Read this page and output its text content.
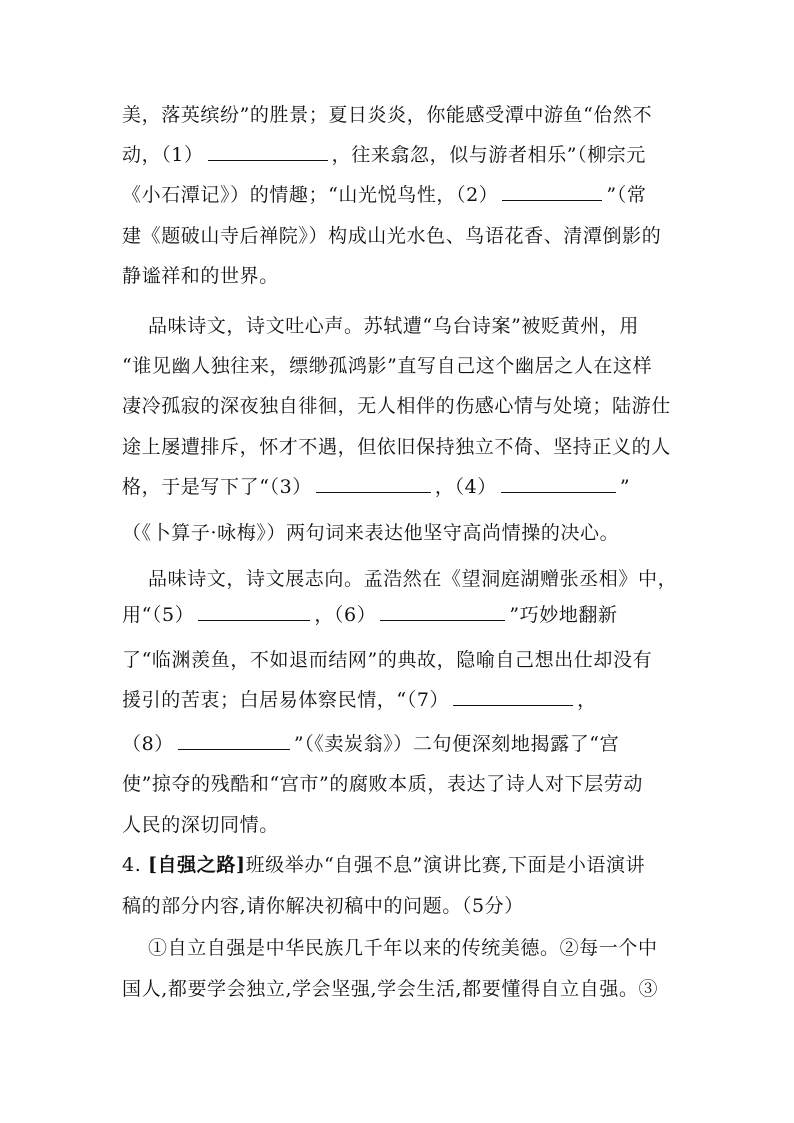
美，落英缤纷”的胜景；夏日炎炎，你能感受潭中游鱼“佁然不
动，（1）	，往来翕忽，似与游者相乐”（柳宗元
《小石潭记》）的情趣；“山光悦鸟性，（2）	”（常
建《题破山寺后禅院》）构成山光水色、鸟语花香、清潭倒影的
静谧祥和的世界。
品味诗文，诗文吐心声。苏轼遭“乌台诗案”被贬黄州，用
“谁见幽人独往来，缥缈孤鸿影”直写自己这个幽居之人在这样
凄冷孤寂的深夜独自徘徊，无人相伴的伤感心情与处境；陆游仕
途上屡遭排斥，怀才不遇，但依旧保持独立不倚、坚持正义的人
格，于是写下了“（3）	，（4）	”
（《卜算子·咏梅》）两句词来表达他坚守高尚情操的决心。
品味诗文，诗文展志向。孟浩然在《望洞庭湖赠张丞相》中，
用“（5）	，（6）	”巧妙地翻新
了“临渊羡鱼，不如退而结网”的典故，隐喻自己想出仕却没有
援引的苦衷；白居易体察民情，“（7）	，
（8）	”（《卖炭翁》）二句便深刻地揭露了“宫
使”掠夺的残酷和“宫市”的腐败本质，表达了诗人对下层劳动
人民的深切同情。
4. [自强之路]班级举办“自强不息”演讲比赛,下面是小语演讲
稿的部分内容,请你解决初稿中的问题。（5分）
①自立自强是中华民族几千年以来的传统美德。②每一个中
国人,都要学会独立,学会坚强,学会生活,都要懂得自立自强。③
